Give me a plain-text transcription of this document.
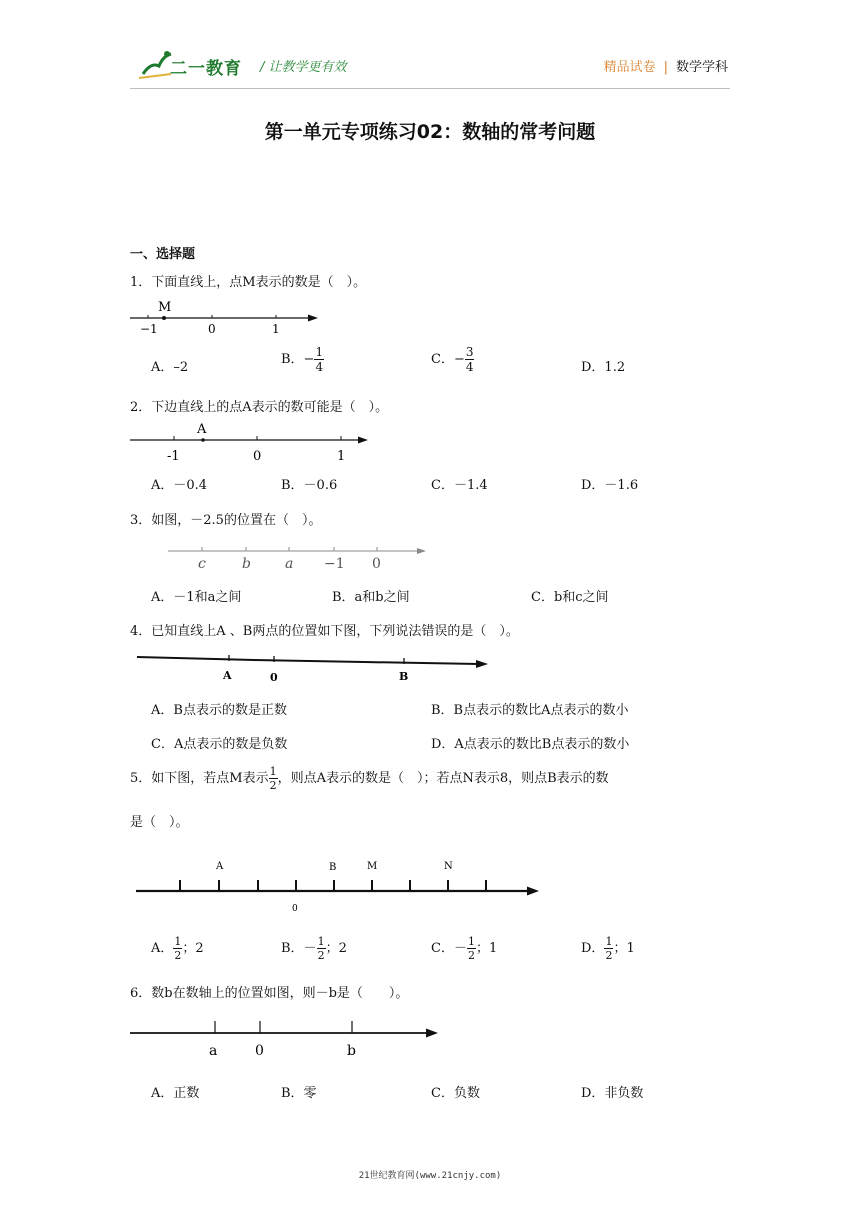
二一教育 / 让教学更有效	精品试卷 | 数学学科
第一单元专项练习02：数轴的常考问题
一、选择题
1．下面直线上，点M表示的数是（　）。
M
−1	0	1
A．–2
B．− $\frac{1}{4}$	C．− $\frac{3}{4}$	D．1.2
2．下边直线上的点A表示的数可能是（　）。
A
-1	0	1
A．－0.4	B．－0.6	C．－1.4	D．－1.6
3．如图，－2.5的位置在（　）。
c	b a −1 0
A．－1和a之间	B．a和b之间	C．b和c之间
4．已知直线上A 、B两点的位置如下图，下列说法错误的是（　）。
A	0	B
A．B点表示的数是正数	B．B点表示的数比A点表示的数小
C．A点表示的数是负数	D．A点表示的数比B点表示的数小
5．如下图，若点M表示 $\frac{1}{2}$ ，则点A表示的数是（　）；若点N表示8，则点B表示的数
是（　）。
A	B	M	N
0
A． $\frac{1}{2}$ ；2	B．－ $\frac{1}{2}$ ；2	C．－ $\frac{1}{2}$ ；1	D． $\frac{1}{2}$ ；1
6．数b在数轴上的位置如图，则－b是（　　）。
a	0	b
A．正数	B．零	C．负数	D．非负数
21世纪教育网(www.21cnjy.com)
